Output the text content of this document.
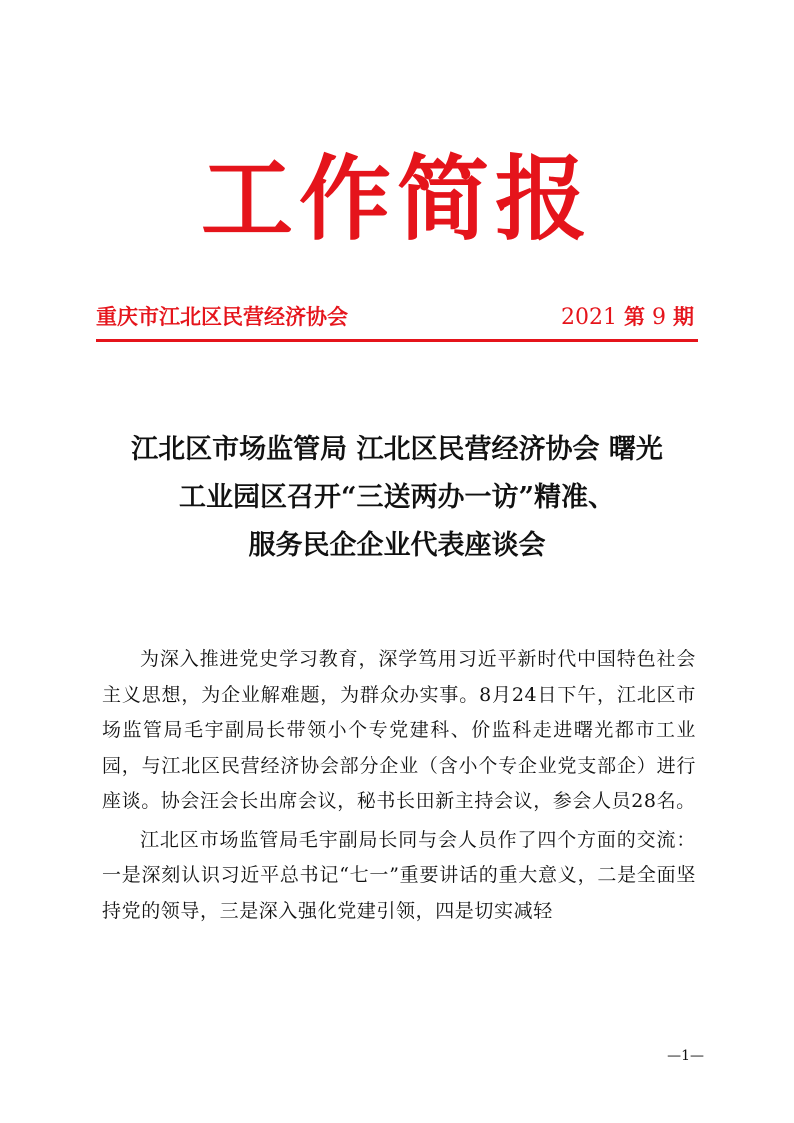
工作简报
重庆市江北区民营经济协会	2021 第 9 期
江北区市场监管局 江北区民营经济协会 曙光
工业园区召开“三送两办一访”精准、
服务民企企业代表座谈会

为深入推进党史学习教育，深学笃用习近平新时代中国特色社会主义思想，为企业解难题，为群众办实事。8月24日下午，江北区市场监管局毛宇副局长带领小个专党建科、价监科走进曙光都市工业园，与江北区民营经济协会部分企业（含小个专企业党支部企）进行座谈。协会汪会长出席会议，秘书长田新主持会议，参会人员28名。

江北区市场监管局毛宇副局长同与会人员作了四个方面的交流：一是深刻认识习近平总书记“七一”重要讲话的重大意义，二是全面坚持党的领导，三是深入强化党建引领，四是切实减轻

—1—
